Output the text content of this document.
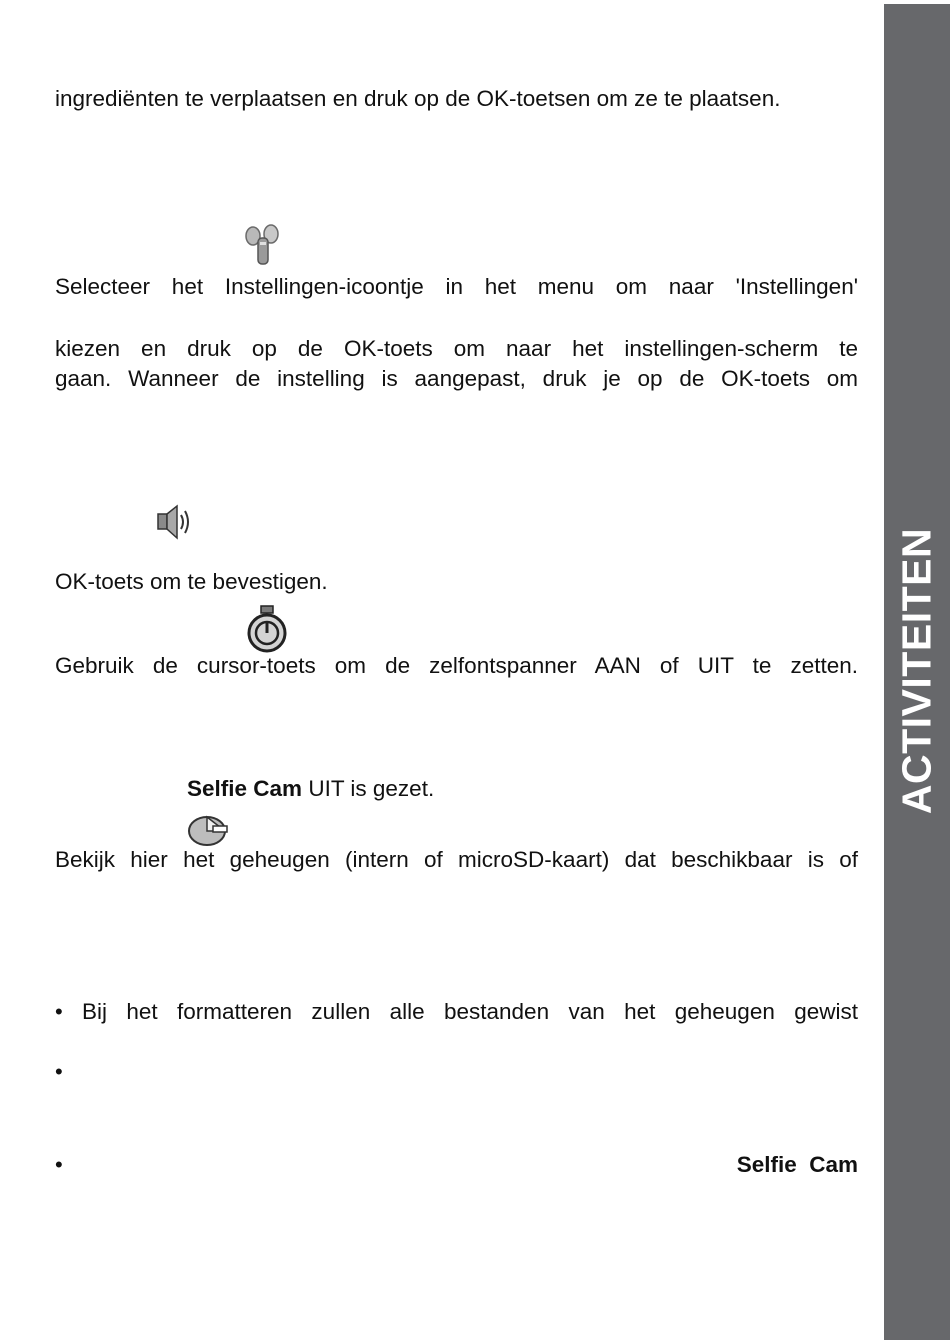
ingrediënten te verplaatsen en druk op de OK-toetsen om ze te plaatsen.
Selecteer het Instellingen-icoontje in het menu om naar 'Instellingen'
kiezen en druk op de OK-toets om naar het instellingen-scherm te
gaan. Wanneer de instelling is aangepast, druk je op de OK-toets om
OK-toets om te bevestigen.
Gebruik de cursor-toets om de zelfontspanner AAN of UIT te zetten.
Selfie Cam UIT is gezet.
Bekijk hier het geheugen (intern of microSD-kaart) dat beschikbaar is of
• Bij het formatteren zullen alle bestanden van het geheugen gewist
•
•	Selfie  Cam
ACTIVITEITEN
